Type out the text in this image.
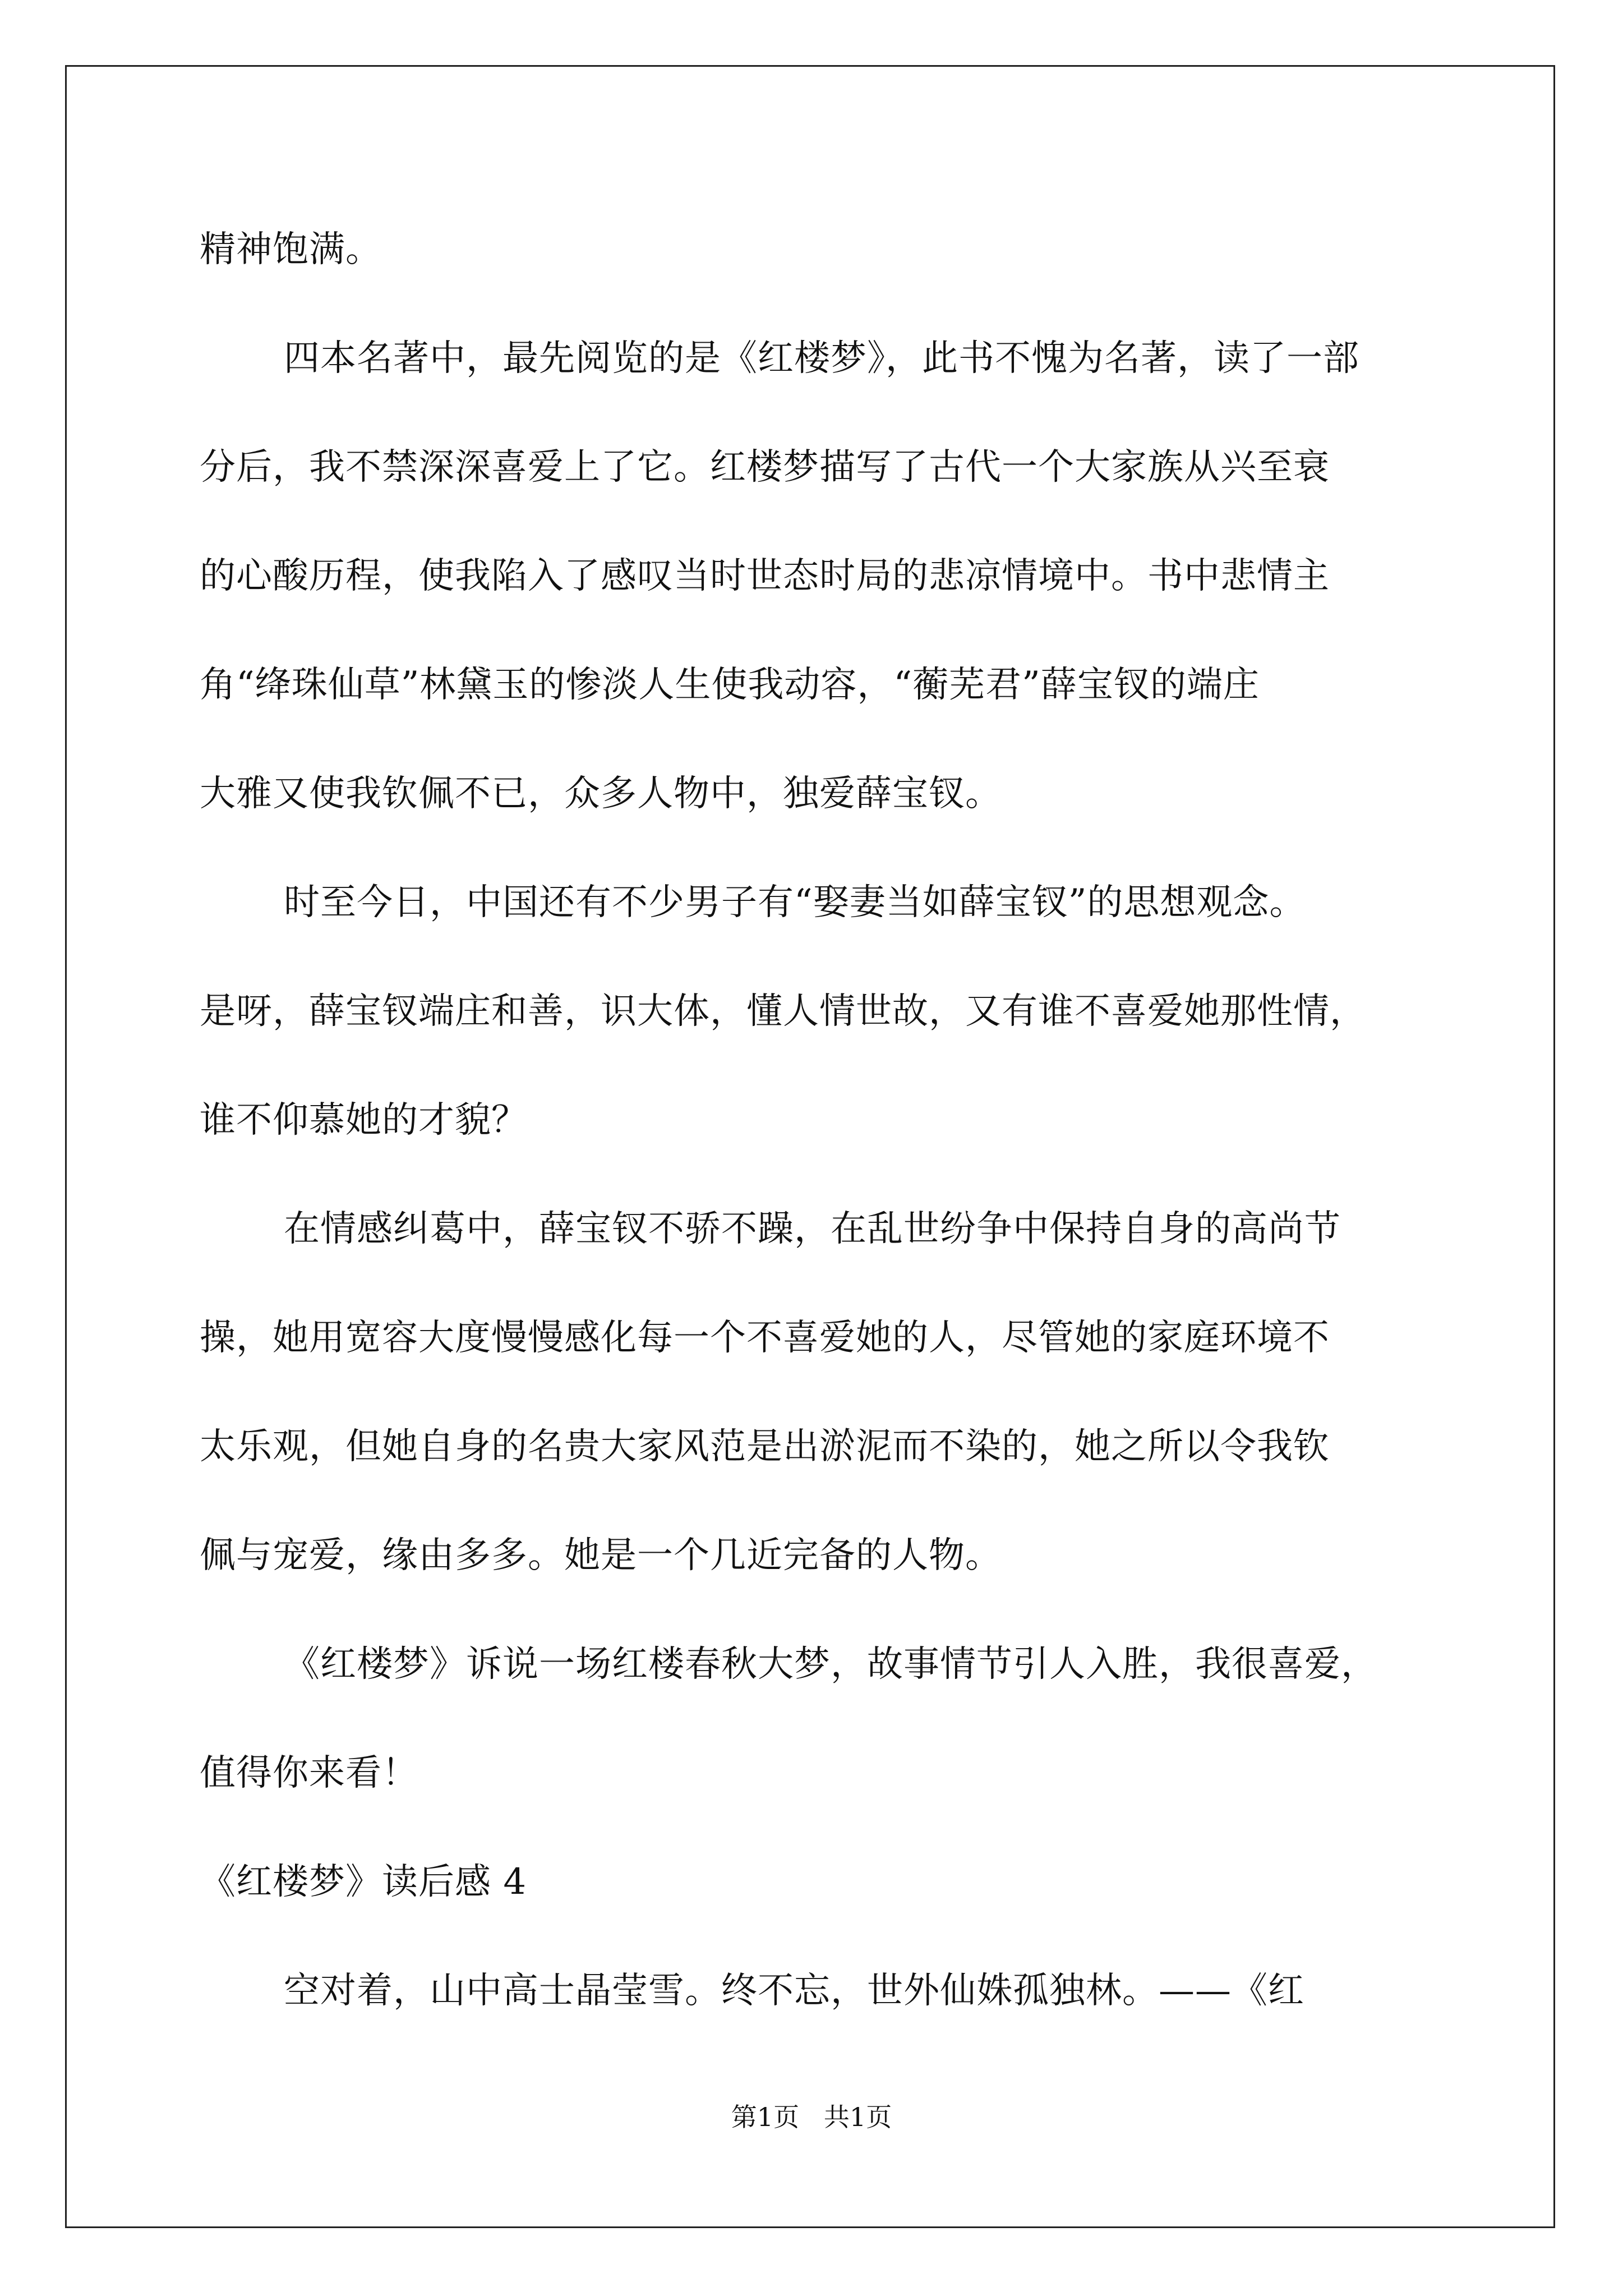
精神饱满。
四本名著中，最先阅览的是《红楼梦》，此书不愧为名著，读了一部
分后，我不禁深深喜爱上了它。红楼梦描写了古代一个大家族从兴至衰
的心酸历程，使我陷入了感叹当时世态时局的悲凉情境中。书中悲情主
角“绛珠仙草”林黛玉的惨淡人生使我动容，“蘅芜君”薛宝钗的端庄
大雅又使我钦佩不已，众多人物中，独爱薛宝钗。
时至今日，中国还有不少男子有“娶妻当如薛宝钗”的思想观念。
是呀，薛宝钗端庄和善，识大体，懂人情世故，又有谁不喜爱她那性情，
谁不仰慕她的才貌？
在情感纠葛中，薛宝钗不骄不躁，在乱世纷争中保持自身的高尚节
操，她用宽容大度慢慢感化每一个不喜爱她的人，尽管她的家庭环境不
太乐观，但她自身的名贵大家风范是出淤泥而不染的，她之所以令我钦
佩与宠爱，缘由多多。她是一个几近完备的人物。
《红楼梦》诉说一场红楼春秋大梦，故事情节引人入胜，我很喜爱，
值得你来看！
《红楼梦》读后感 4
空对着，山中高士晶莹雪。终不忘，世外仙姝孤独林。——《红
第1页   共1页
